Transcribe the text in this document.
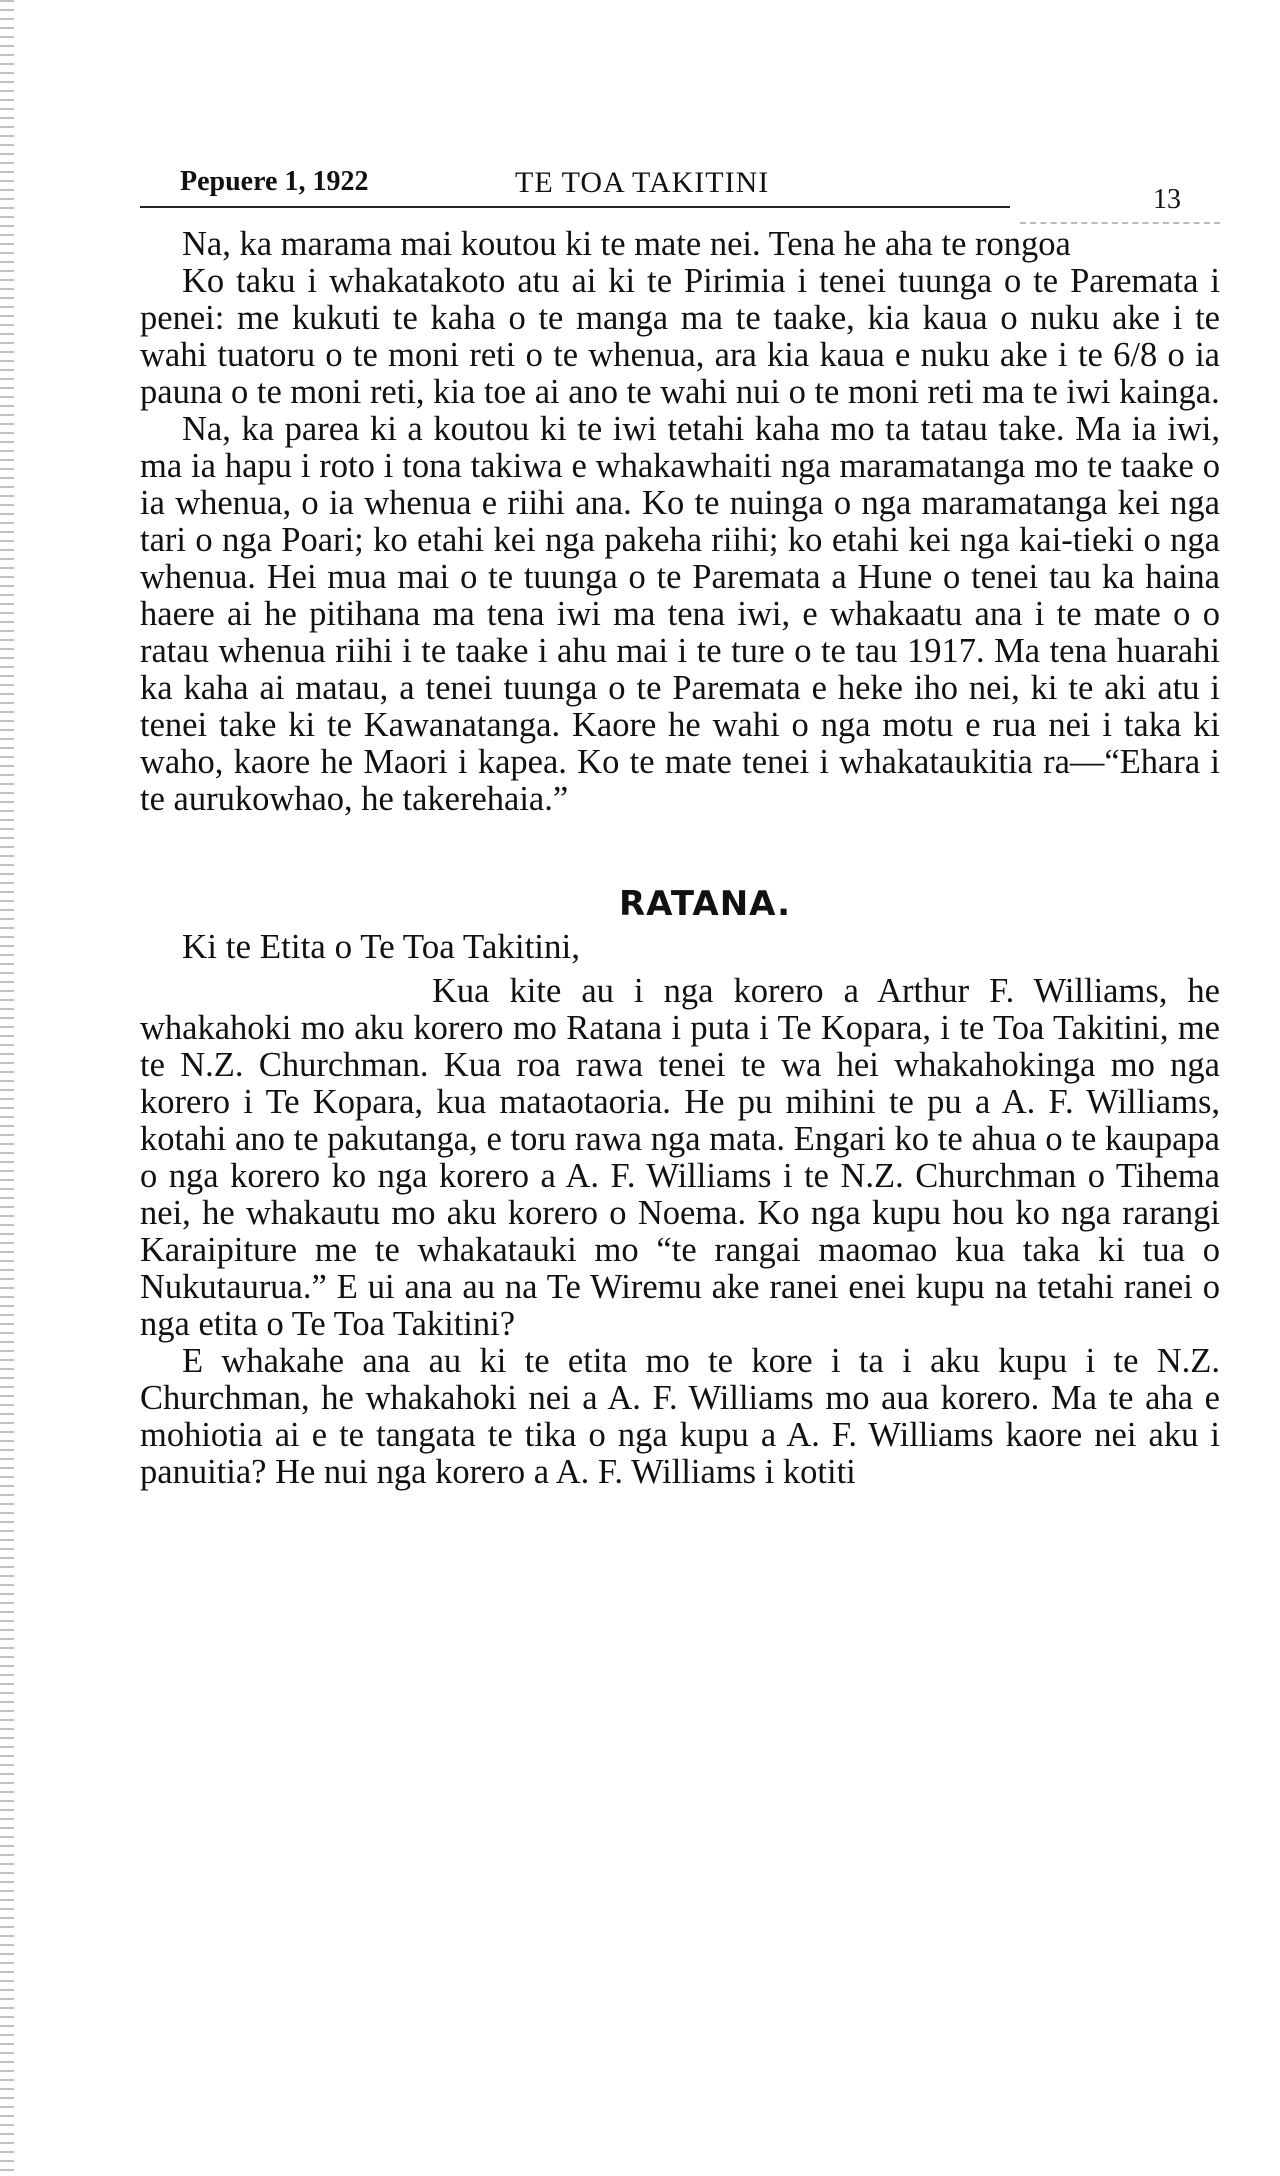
Pepuere 1, 1922	TE TOA TAKITINI
13

Na, ka marama mai koutou ki te mate nei. Tena he aha te rongoa

Ko taku i whakatakoto atu ai ki te Pirimia i tenei tuunga o te Paremata i penei: me kukuti te kaha o te manga ma te taake, kia kaua o nuku ake i te wahi tuatoru o te moni reti o te whenua, ara kia kaua e nuku ake i te 6/8 o ia pauna o te moni reti, kia toe ai ano te wahi nui o te moni reti ma te iwi kainga.

Na, ka parea ki a koutou ki te iwi tetahi kaha mo ta tatau take. Ma ia iwi, ma ia hapu i roto i tona takiwa e whakawhaiti nga maramatanga mo te taake o ia whenua, o ia whenua e riihi ana. Ko te nuinga o nga maramatanga kei nga tari o nga Poari; ko etahi kei nga pakeha riihi; ko etahi kei nga kai-tieki o nga whenua. Hei mua mai o te tuunga o te Paremata a Hune o tenei tau ka haina haere ai he pitihana ma tena iwi ma tena iwi, e whakaatu ana i te mate o o ratau whenua riihi i te taake i ahu mai i te ture o te tau 1917. Ma tena huarahi ka kaha ai matau, a tenei tuunga o te Paremata e heke iho nei, ki te aki atu i tenei take ki te Kawanatanga. Kaore he wahi o nga motu e rua nei i taka ki waho, kaore he Maori i kapea. Ko te mate tenei i whakataukitia ra—“Ehara i te aurukowhao, he takerehaia.”

RATANA.
Ki te Etita o Te Toa Takitini,

Kua kite au i nga korero a Arthur F. Williams, he whakahoki mo aku korero mo Ratana i puta i Te Kopara, i te Toa Takitini, me te N.Z. Churchman. Kua roa rawa tenei te wa hei whakahokinga mo nga korero i Te Kopara, kua mataotaoria. He pu mihini te pu a A. F. Williams, kotahi ano te pakutanga, e toru rawa nga mata. Engari ko te ahua o te kaupapa o nga korero ko nga korero a A. F. Williams i te N.Z. Churchman o Tihema nei, he whakautu mo aku korero o Noema. Ko nga kupu hou ko nga rarangi Karaipiture me te whakatauki mo “te rangai maomao kua taka ki tua o Nukutaurua.” E ui ana au na Te Wiremu ake ranei enei kupu na tetahi ranei o nga etita o Te Toa Takitini?

E whakahe ana au ki te etita mo te kore i ta i aku kupu i te N.Z. Churchman, he whakahoki nei a A. F. Williams mo aua korero. Ma te aha e mohiotia ai e te tangata te tika o nga kupu a A. F. Williams kaore nei aku i panuitia? He nui nga korero a A. F. Williams i kotiti
